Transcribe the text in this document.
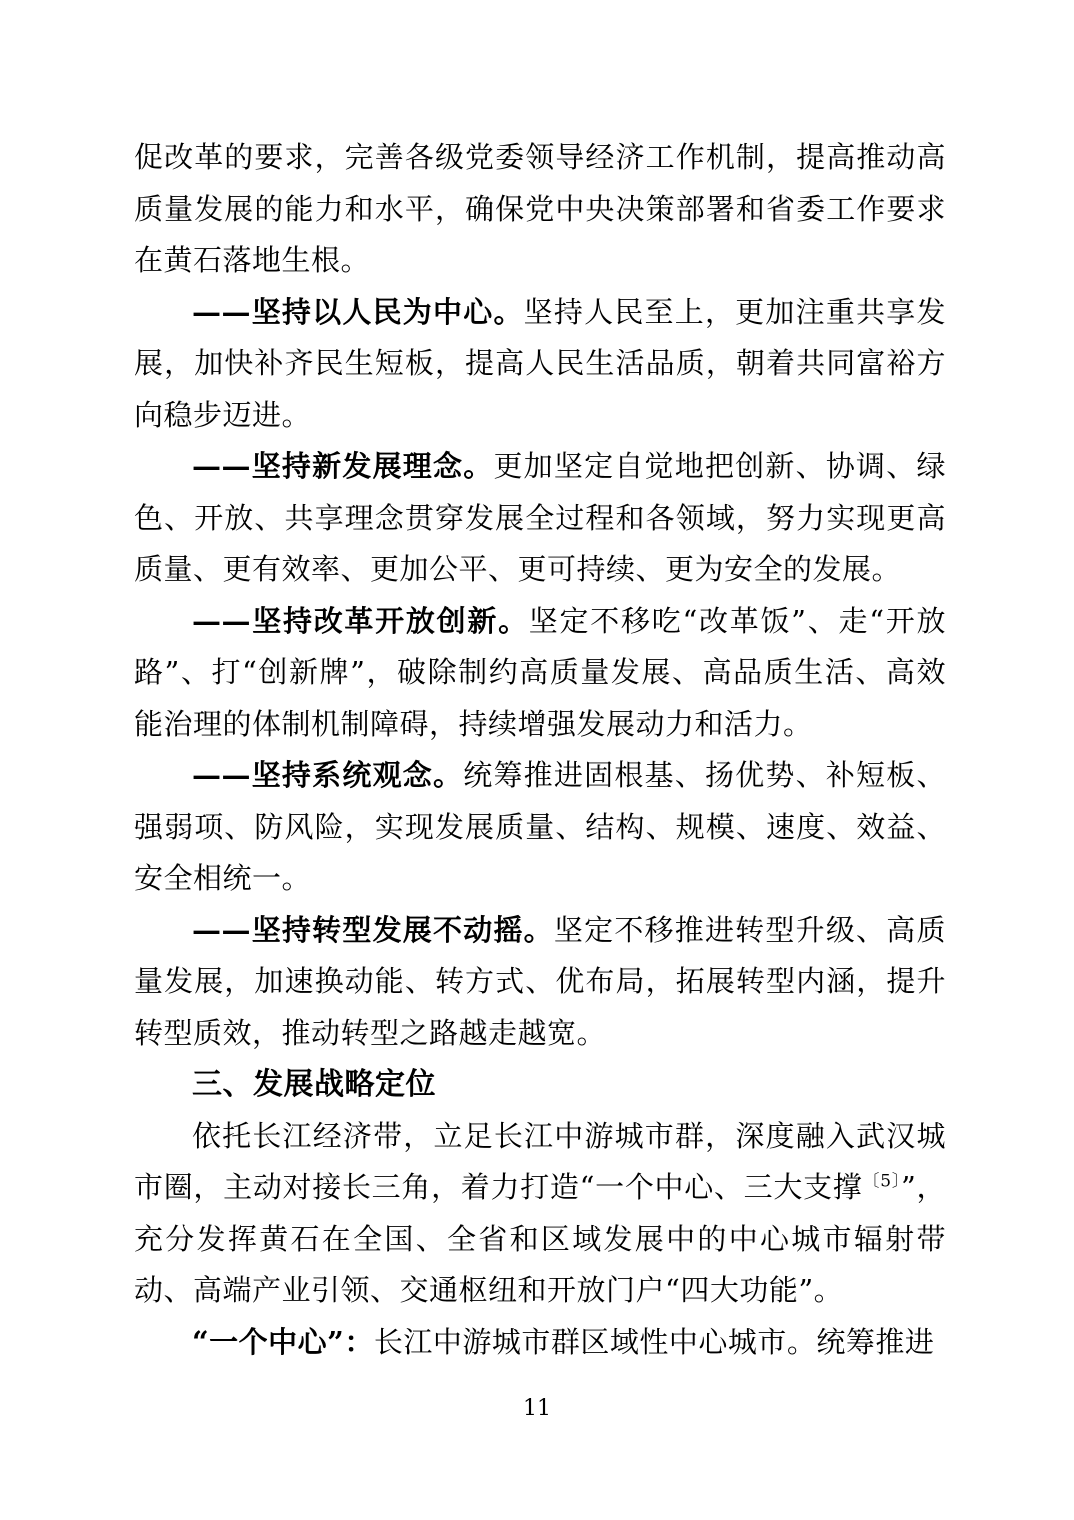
促改革的要求，完善各级党委领导经济工作机制，提高推动高质量发展的能力和水平，确保党中央决策部署和省委工作要求在黄石落地生根。

——坚持以人民为中心。坚持人民至上，更加注重共享发展，加快补齐民生短板，提高人民生活品质，朝着共同富裕方向稳步迈进。

——坚持新发展理念。更加坚定自觉地把创新、协调、绿色、开放、共享理念贯穿发展全过程和各领域，努力实现更高质量、更有效率、更加公平、更可持续、更为安全的发展。

——坚持改革开放创新。坚定不移吃“改革饭”、走“开放路”、打“创新牌”，破除制约高质量发展、高品质生活、高效能治理的体制机制障碍，持续增强发展动力和活力。

——坚持系统观念。统筹推进固根基、扬优势、补短板、强弱项、防风险，实现发展质量、结构、规模、速度、效益、安全相统一。

——坚持转型发展不动摇。坚定不移推进转型升级、高质量发展，加速换动能、转方式、优布局，拓展转型内涵，提升转型质效，推动转型之路越走越宽。

三、发展战略定位

依托长江经济带，立足长江中游城市群，深度融入武汉城市圈，主动对接长三角，着力打造“一个中心、三大支撑$^{〔5〕}$”，充分发挥黄石在全国、全省和区域发展中的中心城市辐射带动、高端产业引领、交通枢纽和开放门户“四大功能”。

“一个中心”：长江中游城市群区域性中心城市。统筹推进

11
